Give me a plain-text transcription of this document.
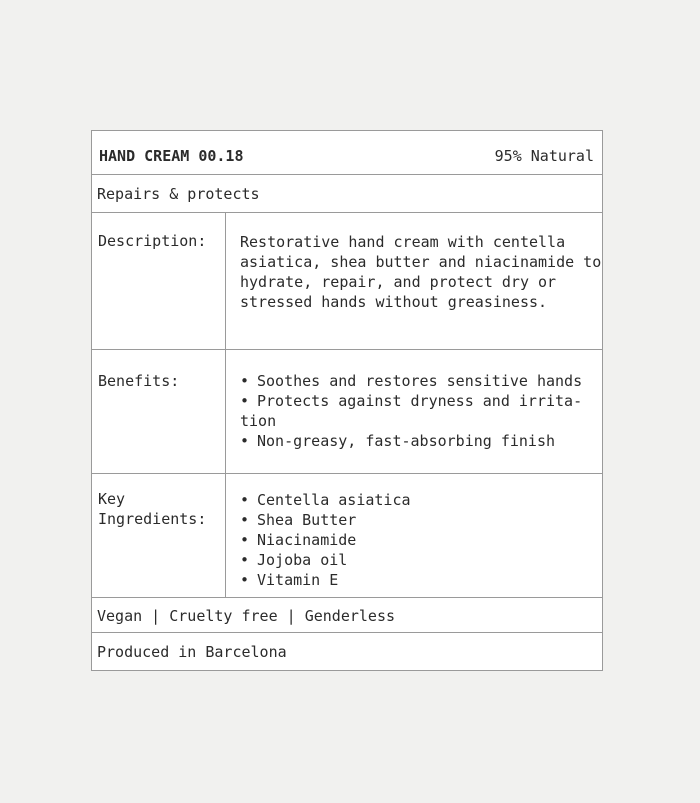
HAND CREAM 00.18	95% Natural
Repairs & protects
Description: Restorative hand cream with centella
asiatica, shea butter and niacinamide to
hydrate, repair, and protect dry or
stressed hands without greasiness.
Benefits:	• Soothes and restores sensitive hands
• Protects against dryness and irrita-
tion
• Non-greasy, fast-absorbing finish
Key
Ingredients:
• Centella asiatica
• Shea Butter
• Niacinamide
• Jojoba oil
• Vitamin E
Vegan | Cruelty free | Genderless
Produced in Barcelona
